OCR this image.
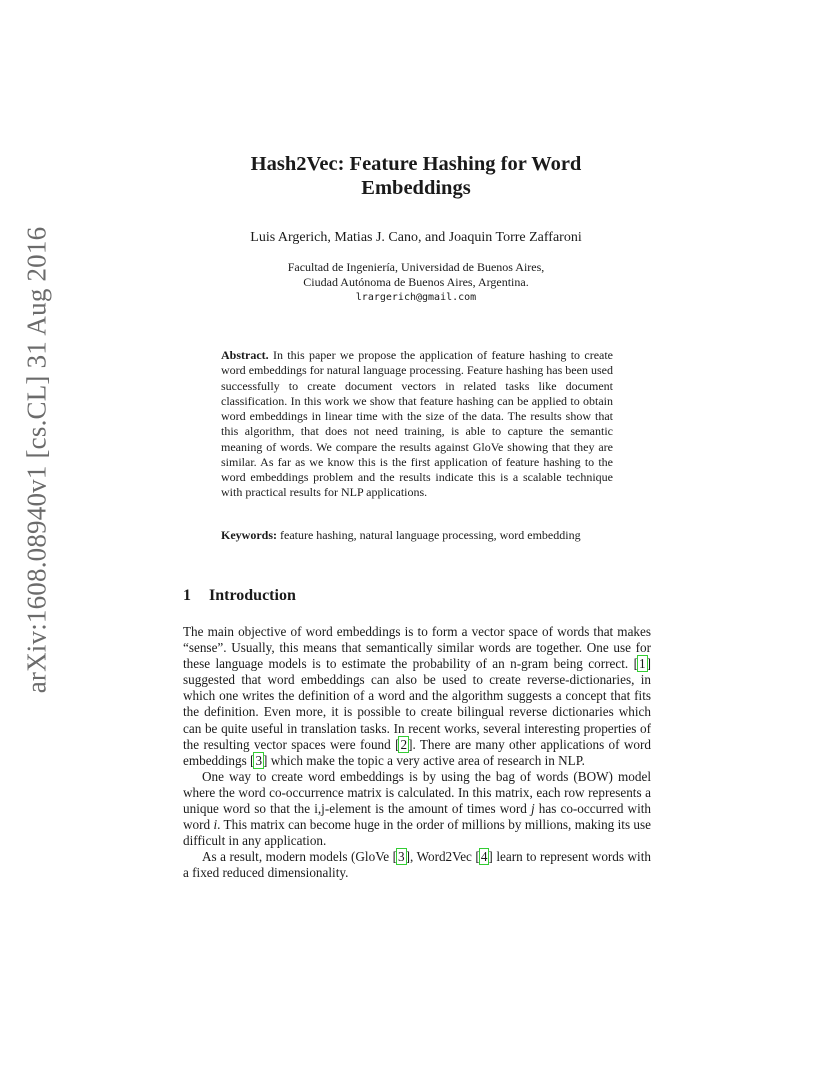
arXiv:1608.08940v1 [cs.CL] 31 Aug 2016
Hash2Vec: Feature Hashing for Word Embeddings
Luis Argerich, Matias J. Cano, and Joaquin Torre Zaffaroni
Facultad de Ingeniería, Universidad de Buenos Aires,
Ciudad Autónoma de Buenos Aires, Argentina.
lrargerich@gmail.com
Abstract. In this paper we propose the application of feature hashing to create word embeddings for natural language processing. Feature hashing has been used successfully to create document vectors in related tasks like document classification. In this work we show that feature hashing can be applied to obtain word embeddings in linear time with the size of the data. The results show that this algorithm, that does not need training, is able to capture the semantic meaning of words. We compare the results against GloVe showing that they are similar. As far as we know this is the first application of feature hashing to the word embeddings problem and the results indicate this is a scalable technique with practical results for NLP applications.
Keywords: feature hashing, natural language processing, word embedding
1 Introduction

The main objective of word embeddings is to form a vector space of words that makes “sense”. Usually, this means that semantically similar words are together. One use for these language models is to estimate the probability of an n-gram being correct. [1] suggested that word embeddings can also be used to create reverse-dictionaries, in which one writes the definition of a word and the algorithm suggests a concept that fits the definition. Even more, it is possible to create bilingual reverse dictionaries which can be quite useful in translation tasks. In recent works, several interesting properties of the resulting vector spaces were found [2]. There are many other applications of word embeddings [3] which make the topic a very active area of research in NLP.

One way to create word embeddings is by using the bag of words (BOW) model where the word co-occurrence matrix is calculated. In this matrix, each row represents a unique word so that the i,j-element is the amount of times word j has co-occurred with word i. This matrix can become huge in the order of millions by millions, making its use difficult in any application.

As a result, modern models (GloVe [3], Word2Vec [4] learn to represent words with a fixed reduced dimensionality.
